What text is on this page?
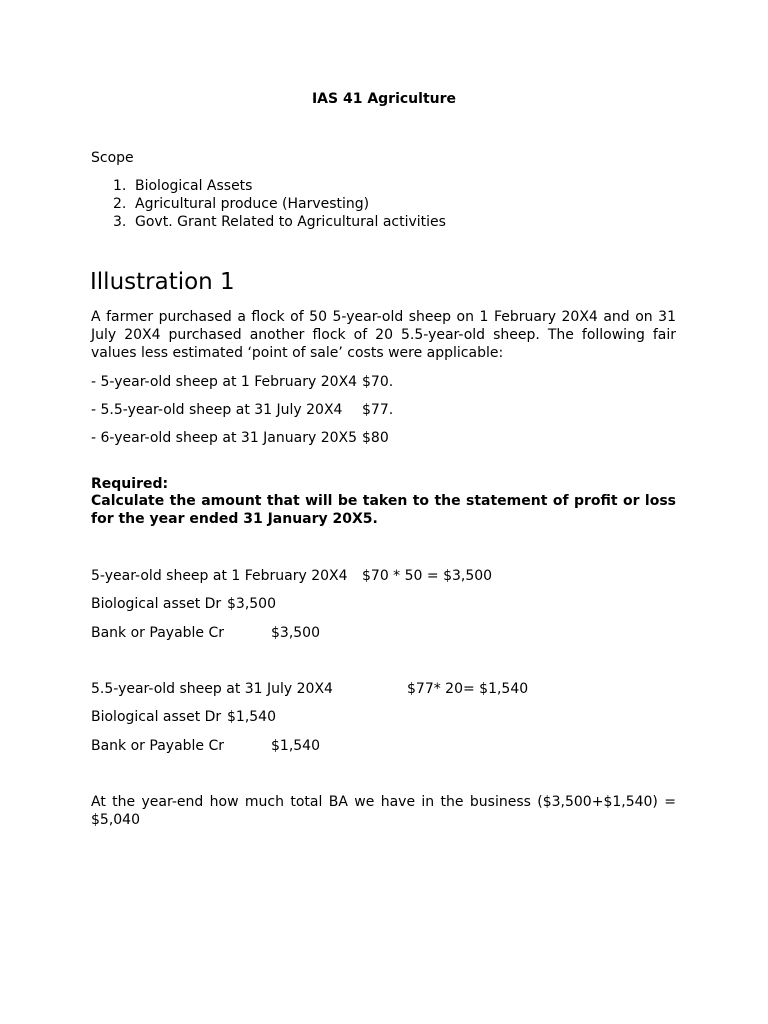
IAS 41 Agriculture
Scope
1. Biological Assets
2. Agricultural produce (Harvesting)
3. Govt. Grant Related to Agricultural activities
Illustration 1
A farmer purchased a flock of 50 5-year-old sheep on 1 February 20X4 and on 31 July 20X4 purchased another flock of 20 5.5-year-old sheep. The following fair values less estimated ‘point of sale’ costs were applicable:
- 5-year-old sheep at 1 February 20X4 $70.
- 5.5-year-old sheep at 31 July 20X4 $77.
- 6-year-old sheep at 31 January 20X5 $80
Required:
Calculate the amount that will be taken to the statement of profit or loss for the year ended 31 January 20X5.
5-year-old sheep at 1 February 20X4 $70 * 50 = $3,500
Biological asset Dr $3,500
Bank or Payable Cr	$3,500
5.5-year-old sheep at 31 July 20X4	$77* 20= $1,540
Biological asset Dr $1,540
Bank or Payable Cr	$1,540
At the year-end how much total BA we have in the business ($3,500+$1,540) = $5,040
